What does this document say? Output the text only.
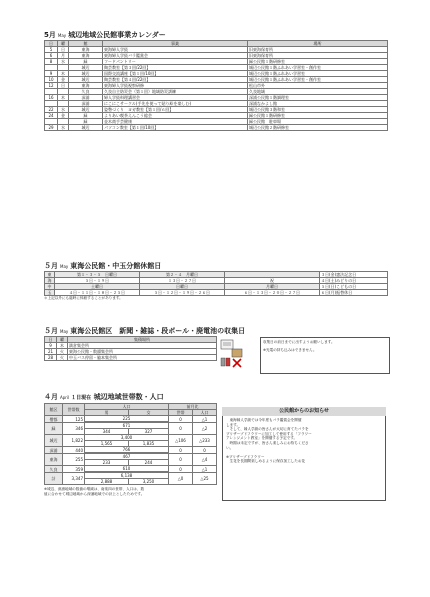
5月 May 城辺地域公民館事業カレンダー
日	曜	館	事業	場所
5	日	東海	東海婦人学級	旧東海保育所
6	月	東海	東海婦人学級バラ鑑賞会	旧東海保育所
8	水	緑	フードパントリー	緑公民館１階研修室
		城辺	陶芸教室【第３回/22回】	城辺公民館１階ふれあい学習室・創作室
9	木	城辺	国際交流講座【第１回/10回】	城辺公民館１階ふれあい学習室
10	金	城辺	陶芸教室【第４回/22回】	城辺公民館１階ふれあい学習室・創作室
12	日	東海	東海婦人学級視察研修	松山市外
		久良	久良自主防災会（第１回）地域防災訓練	久良地域
16	木	深浦	婦人学級料理講習会	深浦公民館１階調理室
		深浦	にこにこサークル(手先を使って貼り絵を楽しむ)	深浦なかよし館
22	水	城辺	姿勢づくり　ヨガ教室【第１回/６回】	城辺公民館３階和室
24	金	緑	よりあい喫茶えんこう総会	緑公民館１階研修室
		緑	並木商手芸健康	緑公民館　駐車場
29	水	城辺	パソコン教室【第１回/10回】	城辺公民館２階研修室
５月 May 東海公民館・中玉分館休館日
東	第１・３・５　日曜日	第２・４　月曜日		３日(金)憲法記念日
海	５日・１９日	１３日・２７日	祝	４日(土)みどりの日
中	土曜日	日曜日	月曜日	５日(日)こどもの日
玉	４日・１１日・１８日・２５日	５日・１２日・１９日・２６日	６日・１３日・２０日・２７日	６日(月)振替休日
＊上記以外にも臨時に休館することがあります。
５月 May 東海公民館区　新聞・雑誌・段ボール・廃電池の収集日
日	曜	集積場所
9	木	満倉集会所
21	火	東海公民館・数韻集会所
28	火	中玉バス停留・脇本集会所
収集日の前日までに出すようお願いします。
※光電の持ち込みはできません。
４月 April １日現在 城辺地域世帯数・人口
館区	世帯数	人口		前月比	
		男	女	世帯	人口
僧都	125	225		0	△1

緑	346	671		0	△2
		344	327		
城辺	1,822	3,400		△106	△233
		1,565	1,835		
深浦	440	766		0	0

東海	255	467		0	△4
		233	244		
久良	359	610		0	△1

計	3,347	6,138		△0	△25
		2,888	3,250		
※城辺、深浦地域の数値の増減は、南楽四の世帯、人口は、数
值に合わせて城辺地域から深浦地域での計上としたためです。
公民館からのお知らせ
　東海婦人学級では今年度もバラ鑑賞会を開催
します。
　そして、婦人学級の皆さんが大切に育てたバラを
プリザーブドフラワーに加工して使用する「フラワー
アレンジメント教室」を開催する予定です。
　時期は未定ですが、皆さん楽しみにお待ちくださ
い。
※プリザーブドフラワー
　生花を長期間楽しめるように保存加工したお花
